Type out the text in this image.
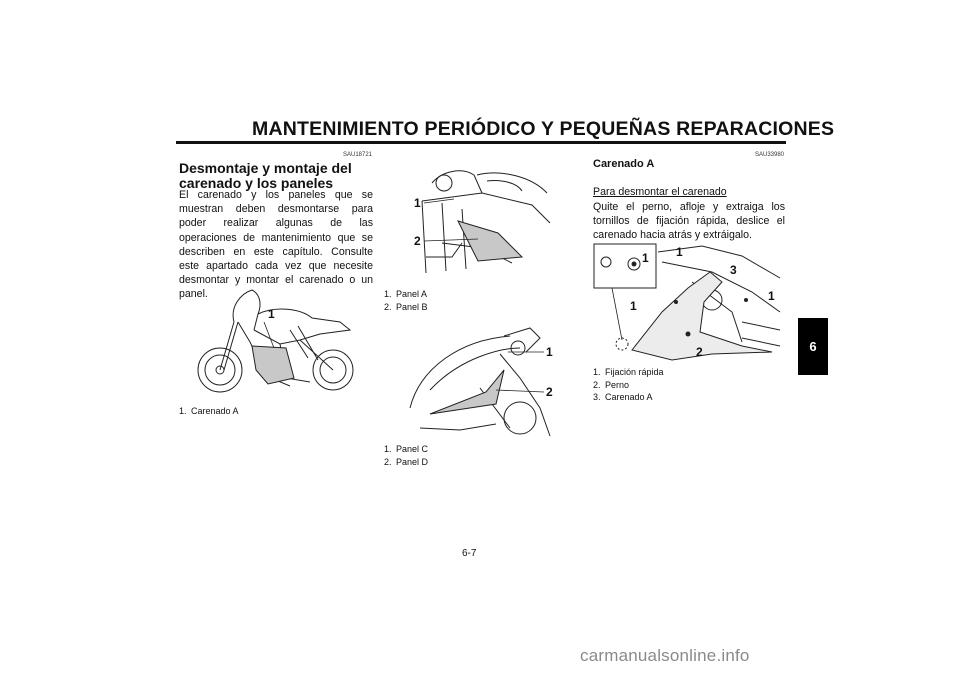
MANTENIMIENTO PERIÓDICO Y PEQUEÑAS REPARACIONES
SAU18721
Desmontaje y montaje del
carenado y los paneles
El carenado y los paneles que se muestran deben desmontarse para poder realizar algunas de las operaciones de mantenimiento que se describen en este capítulo. Consulte este apartado cada vez que necesite desmontar y montar el carenado o un panel.
1
1. Carenado A
1
2
1. Panel A
2. Panel B
1
2
1. Panel C
2. Panel D
SAU33980
Carenado A
Para desmontar el carenado
Quite el perno, afloje y extraiga los tornillos de fijación rápida, deslice el carenado hacia atrás y extráigalo.
1 1
1
3
1
2
1. Fijación rápida
2. Perno
3. Carenado A
6
6-7
carmanualsonline.info
